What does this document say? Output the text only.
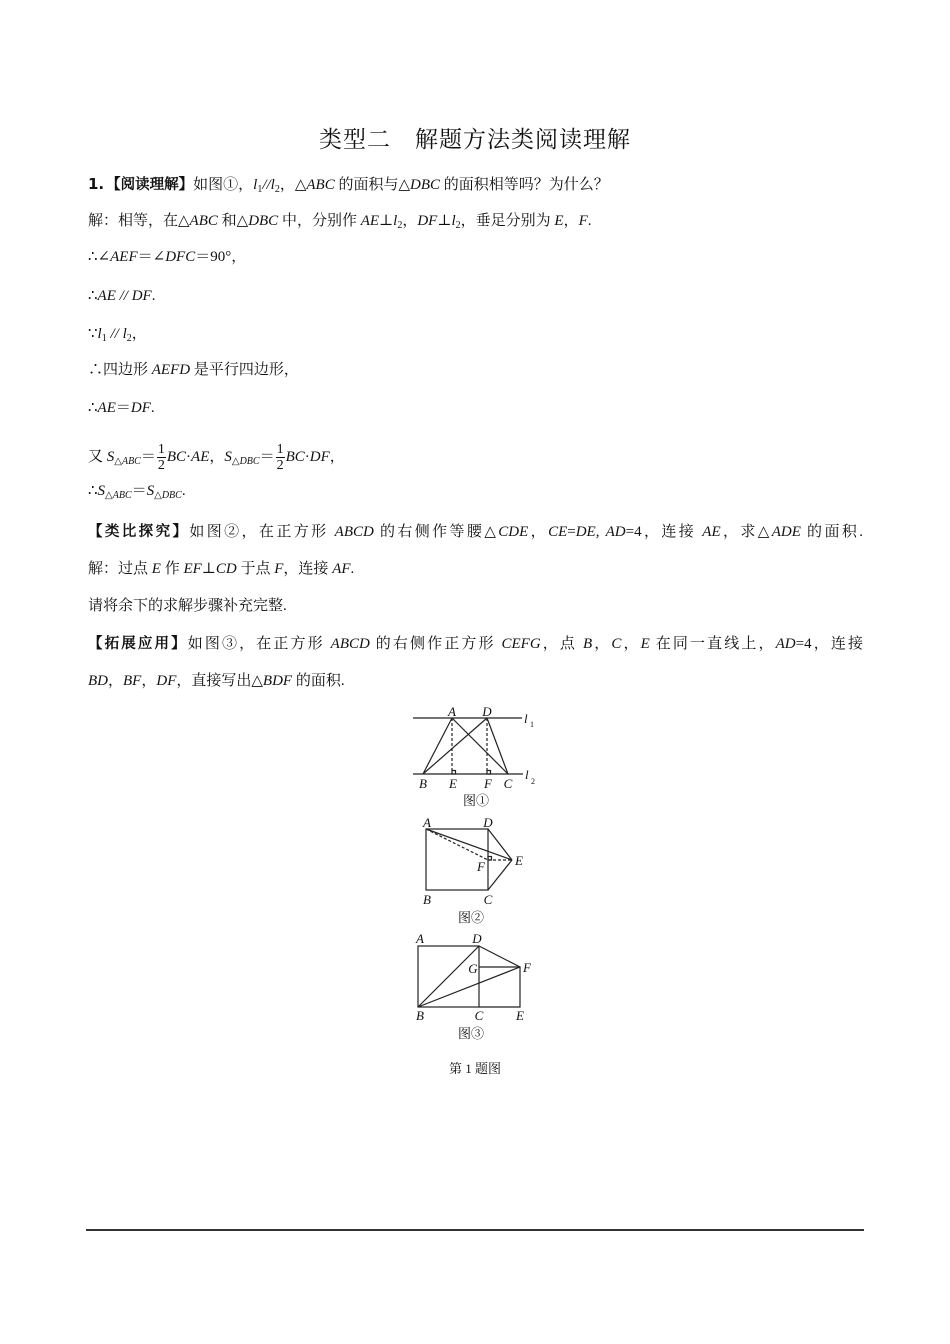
类型二　解题方法类阅读理解
1. 【阅读理解】如图①，$l_1//l_2$，△ABC 的面积与△DBC 的面积相等吗？为什么？
解：相等，在△ABC 和△DBC 中，分别作 $AE\perp l_2$，$DF\perp l_2$，垂足分别为 E，F.
∴∠AEF＝∠DFC＝90°，
∴AE // DF.
$\because l_1 // l_2$，
∴四边形 AEFD 是平行四边形，
∴AE＝DF.
又 $S_{\triangle ABC}= \frac{1}{2} BC\cdot AE$，$S_{\triangle DBC}= \frac{1}{2} BC\cdot DF$，
$\therefore S_{\triangle ABC}=S_{\triangle DBC}$.
【类比探究】如图②，在正方形 ABCD 的右侧作等腰△CDE，CE=DE, AD=4，连接 AE，求△ADE 的面积.
解：过点 E 作 EF⊥CD 于点 F，连接 AF.
请将余下的求解步骤补充完整.
【拓展应用】如图③，在正方形 ABCD 的右侧作正方形 CEFG，点 B，C，E 在同一直线上，AD=4，连接
BD，BF，DF，直接写出△BDF 的面积.
A D
B E F C
l 1
l 2
图①
A	D
E
F
B	C
图②
A	D
G	F
B	C	E
图③
第 1 题图
